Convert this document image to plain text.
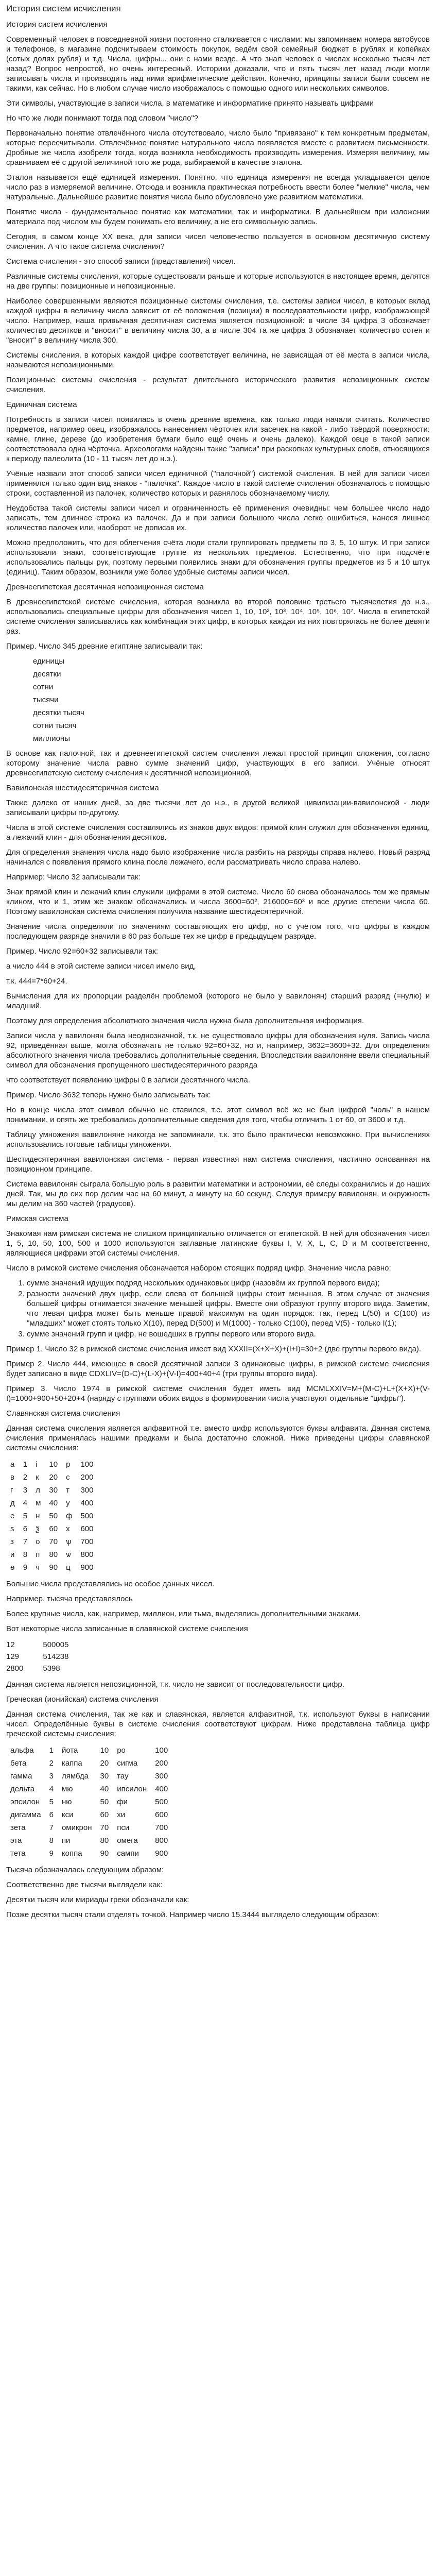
История систем исчисления
История систем исчисления

Современный человек в повседневной жизни постоянно сталкивается с числами: мы запоминаем номера автобусов и телефонов, в магазине подсчитываем стоимость покупок, ведём свой семейный бюджет в рублях и копейках (сотых долях рубля) и т.д. Числа, цифры... они с нами везде. А что знал человек о числах несколько тысяч лет назад? Вопрос непростой, но очень интересный. Историки доказали, что и пять тысяч лет назад люди могли записывать числа и производить над ними арифметические действия. Конечно, принципы записи были совсем не такими, как сейчас. Но в любом случае число изображалось с помощью одного или нескольких символов.

Эти символы, участвующие в записи числа, в математике и информатике принято называть цифрами

Но что же люди понимают тогда под словом "число"?

Первоначально понятие отвлечённого числа отсутствовало, число было "привязано" к тем конкретным предметам, которые пересчитывали. Отвлечённое понятие натурального числа появляется вместе с развитием письменности. Дробные же числа изобрели тогда, когда возникла необходимость производить измерения. Измеряя величину, мы сравниваем её с другой величиной того же рода, выбираемой в качестве эталона.

Эталон называется ещё единицей измерения. Понятно, что единица измерения не всегда укладывается целое число раз в измеряемой величине. Отсюда и возникла практическая потребность ввести более "мелкие" числа, чем натуральные. Дальнейшее развитие понятия числа было обусловлено уже развитием математики.

Понятие числа - фундаментальное понятие как математики, так и информатики. В дальнейшем при изложении материала под числом мы будем понимать его величину, а не его символьную запись.

Сегодня, в самом конце XX века, для записи чисел человечество пользуется в основном десятичную систему счисления. А что такое система счисления?

Система счисления - это способ записи (представления) чисел.

Различные системы счисления, которые существовали раньше и которые используются в настоящее время, делятся на две группы: позиционные и непозиционные.

Наиболее совершенными являются позиционные системы счисления, т.е. системы записи чисел, в которых вклад каждой цифры в величину числа зависит от её положения (позиции) в последовательности цифр, изображающей число. Например, наша привычная десятичная система является позиционной: в числе 34 цифра 3 обозначает количество десятков и "вносит" в величину числа 30, а в числе 304 та же цифра 3 обозначает количество сотен и "вносит" в величину числа 300.

Системы счисления, в которых каждой цифре соответствует величина, не зависящая от её места в записи числа, называются непозиционными.

Позиционные системы счисления - результат длительного исторического развития непозиционных систем счисления.

Единичная система

Потребность в записи чисел появилась в очень древние времена, как только люди начали считать. Количество предметов, например овец, изображалось нанесением чёрточек или засечек на какой - либо твёрдой поверхности: камне, глине, дереве (до изобретения бумаги было ещё очень и очень далеко). Каждой овце в такой записи соответствовала одна чёрточка. Археологами найдены такие "записи" при раскопках культурных слоёв, относящихся к периоду палеолита (10 - 11 тысяч лет до н.э.).

Учёные назвали этот способ записи чисел единичной ("палочной") системой счисления. В ней для записи чисел применялся только один вид знаков - "палочка". Каждое число в такой системе счисления обозначалось с помощью строки, составленной из палочек, количество которых и равнялось обозначаемому числу.

Неудобства такой системы записи чисел и ограниченность её применения очевидны: чем большее число надо записать, тем длиннее строка из палочек. Да и при записи большого числа легко ошибиться, нанеся лишнее количество палочек или, наоборот, не дописав их.

Можно предположить, что для облегчения счёта люди стали группировать предметы по 3, 5, 10 штук. И при записи использовали знаки, соответствующие группе из нескольких предметов. Естественно, что при подсчёте использовались пальцы рук, поэтому первыми появились знаки для обозначения группы предметов из 5 и 10 штук (единиц). Таким образом, возникли уже более удобные системы записи чисел.

Древнеегипетская десятичная непозиционная система

В древнеегипетской системе счисления, которая возникла во второй половине третьего тысячелетия до н.э., использовались специальные цифры для обозначения чисел 1, 10, 10², 10³, 10⁴, 10⁵, 10⁶, 10⁷. Числа в египетской системе счисления записывались как комбинации этих цифр, в которых каждая из них повторялась не более девяти раз.

Пример. Число 345 древние египтяне записывали так:

единицы
десятки
сотни
тысячи
десятки тысяч
сотни тысяч
миллионы

В основе как палочной, так и древнеегипетской систем счисления лежал простой принцип сложения, согласно которому значение числа равно сумме значений цифр, участвующих в его записи. Учёные относят древнеегипетскую систему счисления к десятичной непозиционной.

Вавилонская шестидесятеричная система

Также далеко от наших дней, за две тысячи лет до н.э., в другой великой цивилизации-вавилонской - люди записывали цифры по-другому.

Числа в этой системе счисления составлялись из знаков двух видов: прямой клин служил для обозначения единиц, а лежачий клин - для обозначения десятков.

Для определения значения числа надо было изображение числа разбить на разряды справа налево. Новый разряд начинался с появления прямого клина после лежачего, если рассматривать число справа налево.

Например: Число 32 записывали так:

Знак прямой клин и лежачий клин служили цифрами в этой системе. Число 60 снова обозначалось тем же прямым клином, что и 1, этим же знаком обозначались и числа 3600=60², 216000=60³ и все другие степени числа 60. Поэтому вавилонская система счисления получила название шестидесятеричной.

Значение числа определяли по значениям составляющих его цифр, но с учётом того, что цифры в каждом последующем разряде значили в 60 раз больше тех же цифр в предыдущем разряде.

Пример. Число 92=60+32 записывали так:

а число 444 в этой системе записи чисел имело вид,

т.к. 444=7*60+24.

Вычисления для их пропорции разделён проблемой (которого не было у вавилонян) старший разряд (=нулю) и младший.

Поэтому для определения абсолютного значения числа нужна была дополнительная информация.

Записи числа у вавилонян была неоднозначной, т.к. не существовало цифры для обозначения нуля. Запись числа 92, приведённая выше, могла обозначать не только 92=60+32, но и, например, 3632=3600+32. Для определения абсолютного значения числа требовались дополнительные сведения. Впоследствии вавилоняне ввели специальный символ для обозначения пропущенного шестидесятеричного разряда

что соответствует появлению цифры 0 в записи десятичного числа.

Пример. Число 3632 теперь нужно было записывать так:

Но в конце числа этот символ обычно не ставился, т.е. этот символ всё же не был цифрой "ноль" в нашем понимании, и опять же требовались дополнительные сведения для того, чтобы отличить 1 от 60, от 3600 и т.д.

Таблицу умножения вавилоняне никогда не запоминали, т.к. это было практически невозможно. При вычислениях использовались готовые таблицы умножения.

Шестидесятеричная вавилонская система - первая известная нам система счисления, частично основанная на позиционном принципе.

Система вавилонян сыграла большую роль в развитии математики и астрономии, её следы сохранились и до наших дней. Так, мы до сих пор делим час на 60 минут, а минуту на 60 секунд. Следуя примеру вавилонян, и окружность мы делим на 360 частей (градусов).

Римская система

Знакомая нам римская система не слишком принципиально отличается от египетской. В ней для обозначения чисел 1, 5, 10, 50, 100, 500 и 1000 используются заглавные латинские буквы I, V, X, L, C, D и M соответственно, являющиеся цифрами этой системы счисления.

Число в римской системе счисления обозначается набором стоящих подряд цифр. Значение числа равно:

1. сумме значений идущих подряд нескольких одинаковых цифр (назовём их группой первого вида);
2. разности значений двух цифр, если слева от большей цифры стоит меньшая. В этом случае от значения большей цифры отнимается значение меньшей цифры. Вместе они образуют группу второго вида. Заметим, что левая цифра может быть меньше правой максимум на один порядок: так, перед L(50) и С(100) из "младших" может стоять только X(10), перед D(500) и M(1000) - только C(100), перед V(5) - только I(1);
3. сумме значений групп и цифр, не вошедших в группы первого или второго вида.

Пример 1. Число 32 в римской системе счисления имеет вид XXXII=(X+X+X)+(I+I)=30+2 (две группы первого вида).

Пример 2. Число 444, имеющее в своей десятичной записи 3 одинаковые цифры, в римской системе счисления будет записано в виде CDXLIV=(D-C)+(L-X)+(V-I)=400+40+4 (три группы второго вида).

Пример 3. Число 1974 в римской системе счисления будет иметь вид MCMLXXIV=M+(M-C)+L+(X+X)+(V-I)=1000+900+50+20+4 (наряду с группами обоих видов в формировании числа участвуют отдельные "цифры").

Славянская система счисления

Данная система счисления является алфавитной т.е. вместо цифр используются буквы алфавита. Данная система счисления применялась нашими предками и была достаточно сложной. Ниже приведены цифры славянской системы счисления:

а	1	і	10	р	100
в	2	к	20	с	200
г	3	л	30	т	300
д	4	м	40	у	400
е	5	н	50	ф	500
s	6	ѯ	60	х	600
з	7	о	70	ѱ	700
и	8	п	80	ѡ	800
ѳ	9	ч	90	ц	900

Большие числа представлялись не особое данных чисел.

Например, тысяча представлялось

Более крупные числа, как, например, миллион, или тьма, выделялись дополнительными знаками.

Вот некоторые числа записанные в славянской системе счисления

12	500005
129	514238
2800	5398

Данная система является непозиционной, т.к. число не зависит от последовательности цифр.

Греческая (ионийская) система счисления

Данная система счисления, так же как и славянская, является алфавитной, т.к. используют буквы в написании чисел. Определённые буквы в системе счисления соответствуют цифрам. Ниже представлена таблица цифр греческой системы счисления:

альфа	1	йота	10	ро	100
бета	2	каппа	20	сигма	200
гамма	3	лямбда	30	тау	300
дельта	4	мю	40	ипсилон	400
эпсилон	5	ню	50	фи	500
дигамма	6	кси	60	хи	600
зета	7	омикрон	70	пси	700
эта	8	пи	80	омега	800
тета	9	коппа	90	сампи	900

Тысяча обозначалась следующим образом:

Соответственно две тысячи выглядели как:

Десятки тысяч или мириады греки обозначали как:

Позже десятки тысяч стали отделять точкой. Например число 15.3444 выглядело следующим образом:
